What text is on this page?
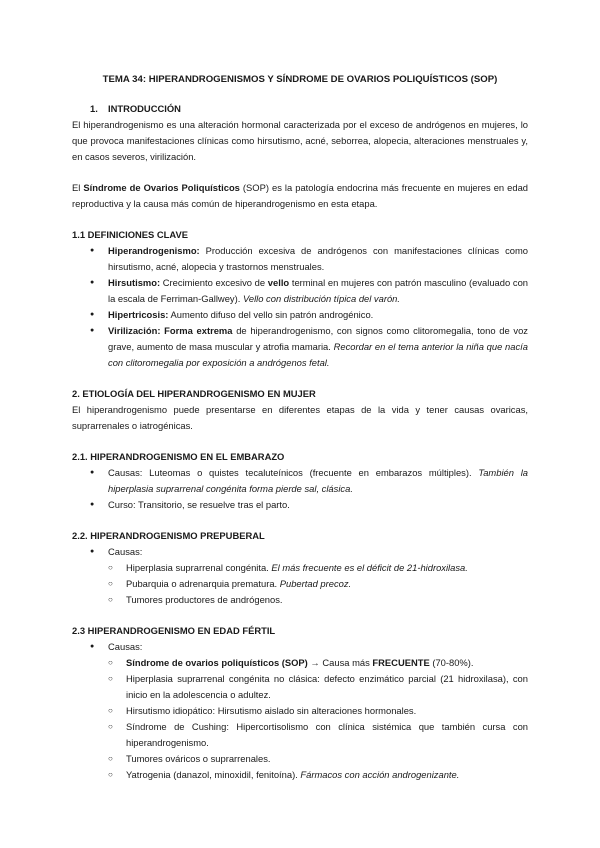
TEMA 34: HIPERANDROGENISMOS Y SÍNDROME DE OVARIOS POLIQUÍSTICOS (SOP)
1. INTRODUCCIÓN

El hiperandrogenismo es una alteración hormonal caracterizada por el exceso de andrógenos en mujeres, lo que provoca manifestaciones clínicas como hirsutismo, acné, seborrea, alopecia, alteraciones menstruales y, en casos severos, virilización.

El Síndrome de Ovarios Poliquísticos (SOP) es la patología endocrina más frecuente en mujeres en edad reproductiva y la causa más común de hiperandrogenismo en esta etapa.

1.1 DEFINICIONES CLAVE
● Hiperandrogenismo: Producción excesiva de andrógenos con manifestaciones clínicas como hirsutismo, acné, alopecia y trastornos menstruales.
● Hirsutismo: Crecimiento excesivo de vello terminal en mujeres con patrón masculino (evaluado con la escala de Ferriman-Gallwey). Vello con distribución típica del varón.
● Hipertricosis: Aumento difuso del vello sin patrón androgénico.
● Virilización: Forma extrema de hiperandrogenismo, con signos como clitoromegalia, tono de voz grave, aumento de masa muscular y atrofia mamaria. Recordar en el tema anterior la niña que nacía con clitoromegalia por exposición a andrógenos fetal.
2. ETIOLOGÍA DEL HIPERANDROGENISMO EN MUJER

El hiperandrogenismo puede presentarse en diferentes etapas de la vida y tener causas ovaricas, suprarrenales o iatrogénicas.

2.1. HIPERANDROGENISMO EN EL EMBARAZO
● Causas: Luteomas o quistes tecaluteínicos (frecuente en embarazos múltiples). También la hiperplasia suprarrenal congénita forma pierde sal, clásica.
● Curso: Transitorio, se resuelve tras el parto.
2.2. HIPERANDROGENISMO PREPUBERAL
● Causas:
○ Hiperplasia suprarrenal congénita. El más frecuente es el déficit de 21-hidroxilasa.
○ Pubarquia o adrenarquia prematura. Pubertad precoz.
○ Tumores productores de andrógenos.
2.3 HIPERANDROGENISMO EN EDAD FÉRTIL
● Causas:
○ Síndrome de ovarios poliquísticos (SOP) → Causa más FRECUENTE (70-80%).
○ Hiperplasia suprarrenal congénita no clásica: defecto enzimático parcial (21 hidroxilasa), con inicio en la adolescencia o adultez.
○ Hirsutismo idiopático: Hirsutismo aislado sin alteraciones hormonales.
○ Síndrome de Cushing: Hipercortisolismo con clínica sistémica que también cursa con hiperandrogenismo.
○ Tumores ováricos o suprarrenales.
○ Yatrogenia (danazol, minoxidil, fenitoína). Fármacos con acción androgenizante.
